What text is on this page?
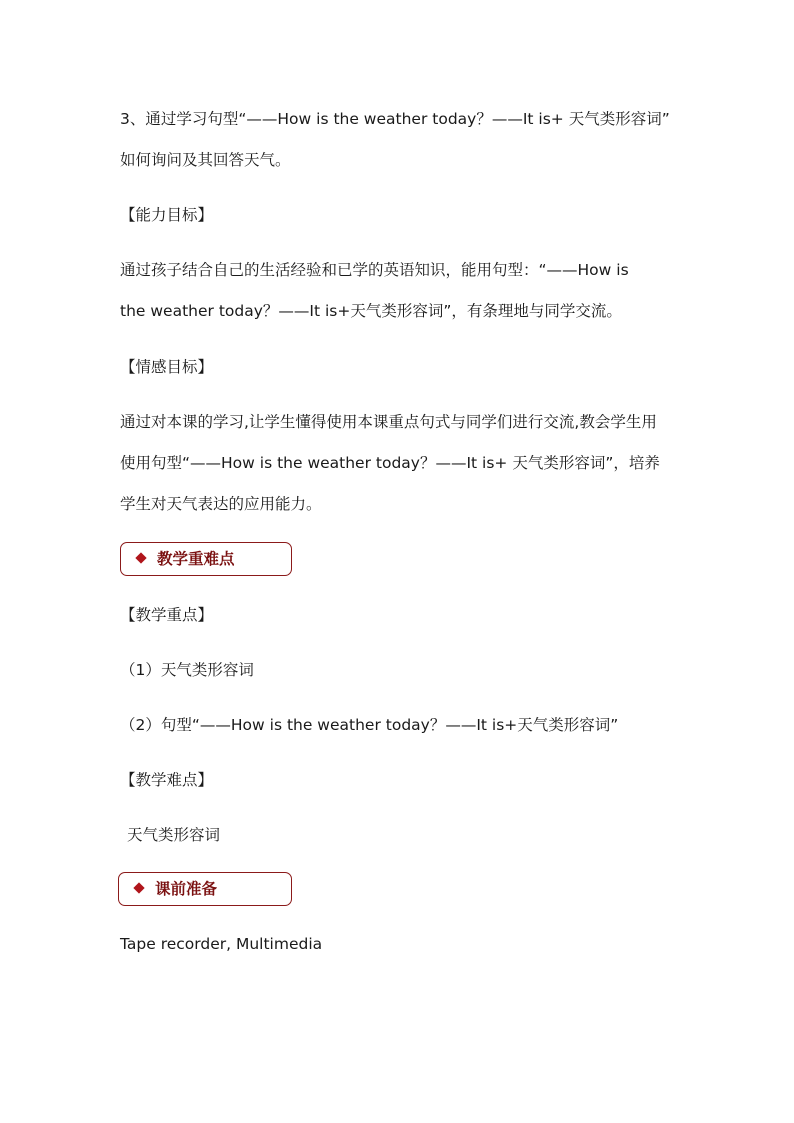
3、通过学习句型“——How is the weather today？——It is+ 天气类形容词”
如何询问及其回答天气。
【能力目标】
通过孩子结合自己的生活经验和已学的英语知识，能用句型：“——How is
the weather today？——It is+天气类形容词”，有条理地与同学交流。
【情感目标】
通过对本课的学习,让学生懂得使用本课重点句式与同学们进行交流,教会学生用
使用句型“——How is the weather today？——It is+ 天气类形容词”，培养
学生对天气表达的应用能力。
教学重难点
【教学重点】
（1）天气类形容词
（2）句型“——How is the weather today？——It is+天气类形容词”
【教学难点】
天气类形容词
课前准备
Tape recorder, Multimedia
